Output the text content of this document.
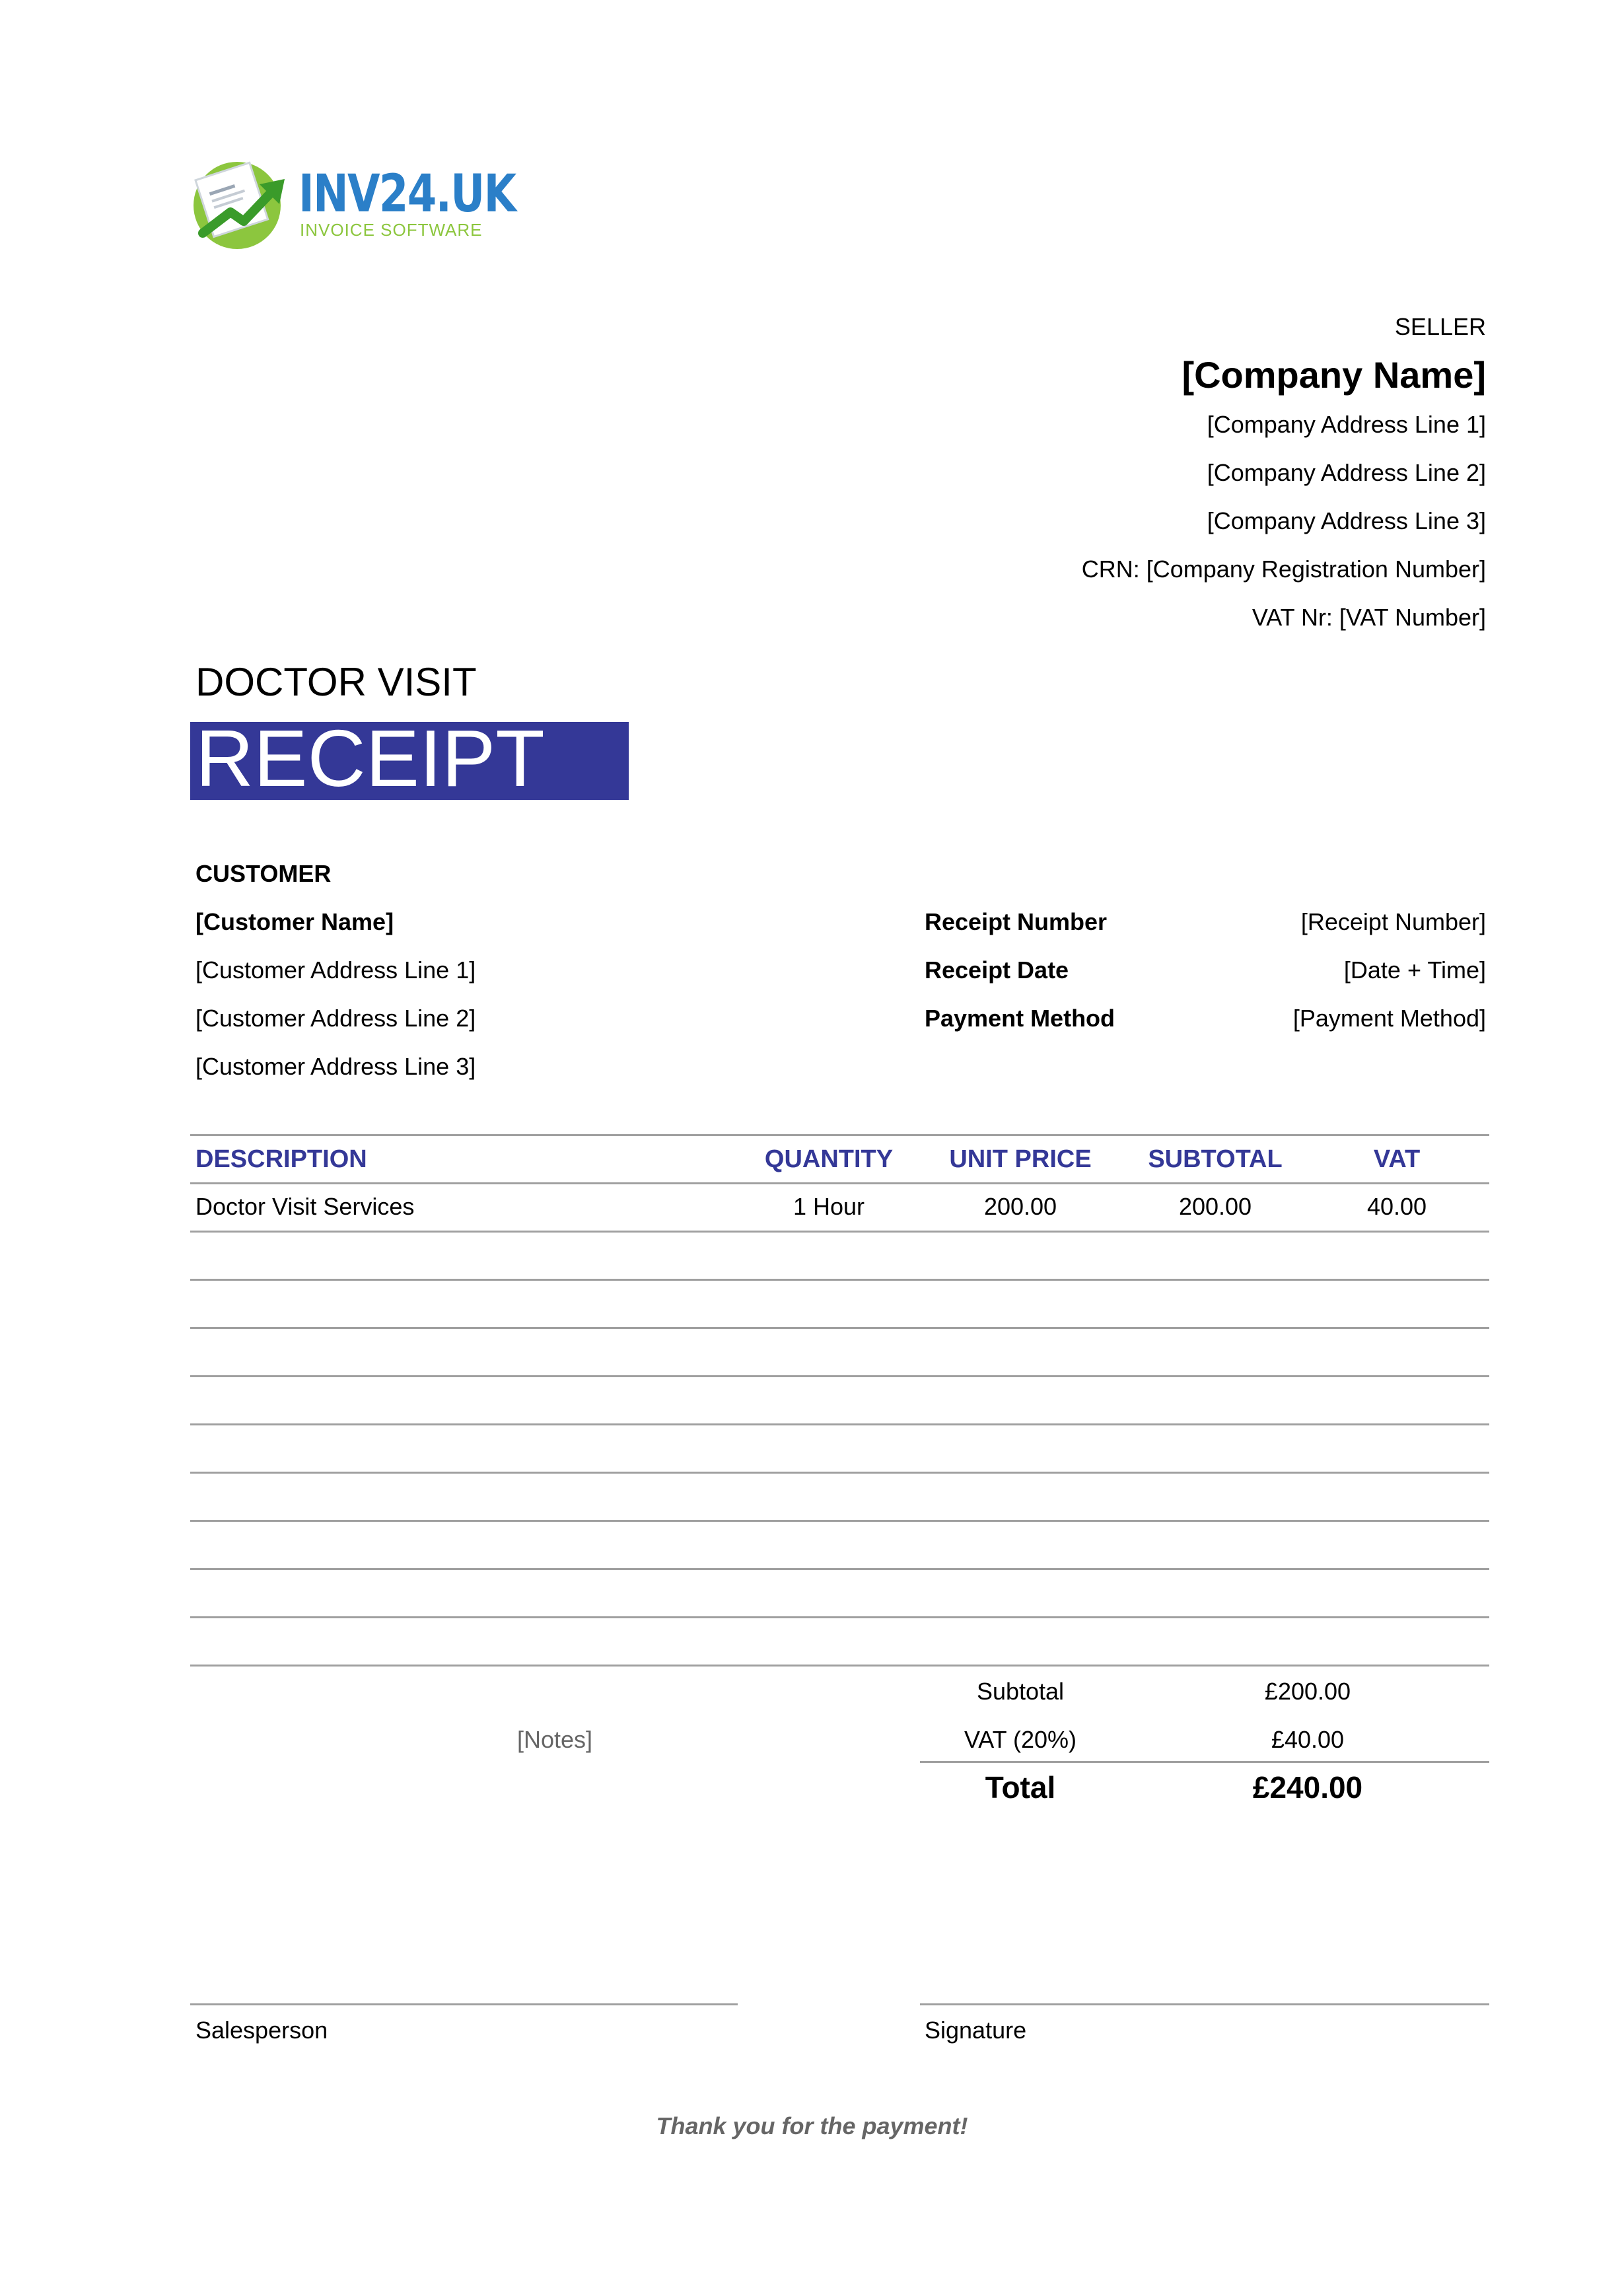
INV24.UK
INVOICE SOFTWARE
SELLER
[Company Name]
[Company Address Line 1]
[Company Address Line 2]
[Company Address Line 3]
CRN: [Company Registration Number]
VAT Nr: [VAT Number]
DOCTOR VISIT
RECEIPT
CUSTOMER
[Customer Name]
[Customer Address Line 1]
[Customer Address Line 2]
[Customer Address Line 3]
Receipt Number	[Receipt Number]
Receipt Date	[Date + Time]
Payment Method	[Payment Method]
DESCRIPTION	QUANTITY	UNIT PRICE	SUBTOTAL	VAT
Doctor Visit Services	1 Hour	200.00	200.00	40.00
Subtotal	£200.00
VAT (20%)	£40.00
Total	£240.00
[Notes]
Salesperson	Signature
Thank you for the payment!
